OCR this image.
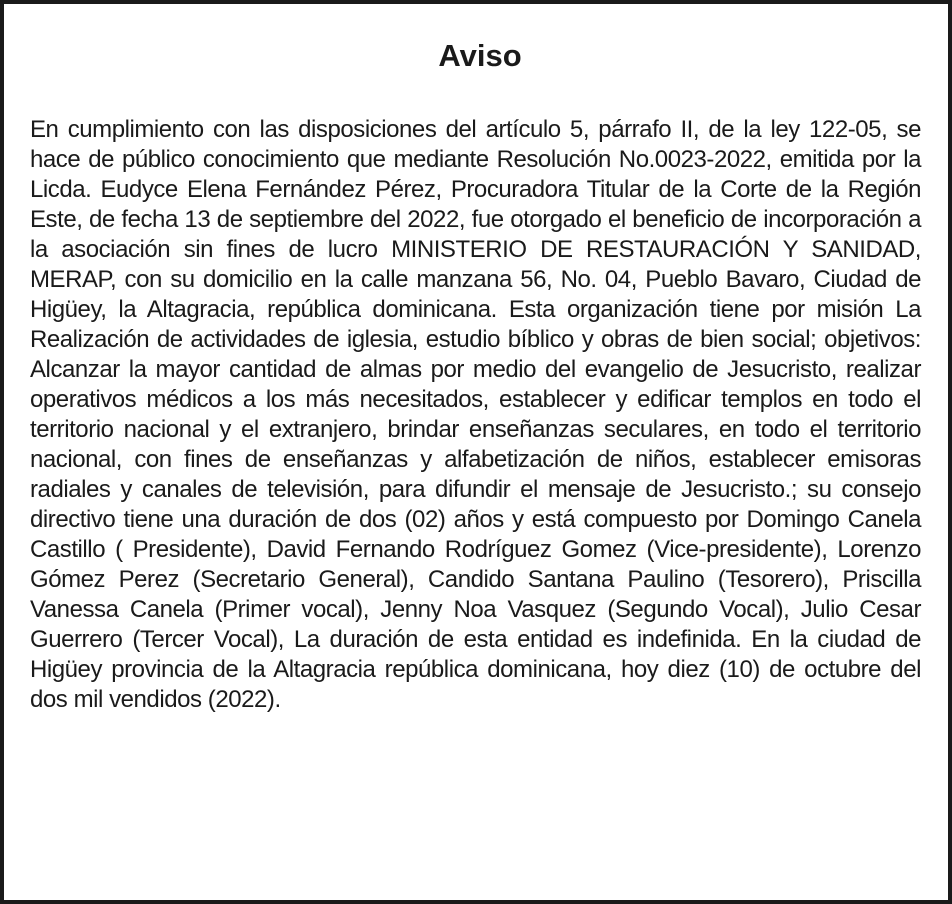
Aviso

En cumplimiento con las disposiciones del artículo 5, párrafo II, de la ley 122-05, se hace de público conocimiento que mediante Resolución No.0023-2022, emitida por la Licda. Eudyce Elena Fernández Pérez, Procuradora Titular de la Corte de la Región Este, de fecha 13 de septiembre del 2022, fue otorgado el beneficio de incorporación a la asociación sin fines de lucro MINISTERIO DE RESTAURACIÓN Y SANIDAD, MERAP, con su domicilio en la calle manzana 56, No. 04, Pueblo Bavaro, Ciudad de Higüey, la Altagracia, república dominicana. Esta organización tiene por misión La Realización de actividades de iglesia, estudio bíblico y obras de bien social; objetivos: Alcanzar la mayor cantidad de almas por medio del evangelio de Jesucristo, realizar operativos médicos a los más necesitados, establecer y edificar templos en todo el territorio nacional y el extranjero, brindar enseñanzas seculares, en todo el territorio nacional, con fines de enseñanzas y alfabetización de niños, establecer emisoras radiales y canales de televisión, para difundir el mensaje de Jesucristo.; su consejo directivo tiene una duración de dos (02) años y está compuesto por Domingo Canela Castillo ( Presidente), David Fernando Rodríguez Gomez (Vice-presidente), Lorenzo Gómez Perez (Secretario General), Candido Santana Paulino (Tesorero), Priscilla Vanessa Canela (Primer vocal), Jenny Noa Vasquez (Segundo Vocal), Julio Cesar Guerrero (Tercer Vocal), La duración de esta entidad es indefinida. En la ciudad de Higüey provincia de la Altagracia república dominicana, hoy diez (10) de octubre del dos mil vendidos (2022).
